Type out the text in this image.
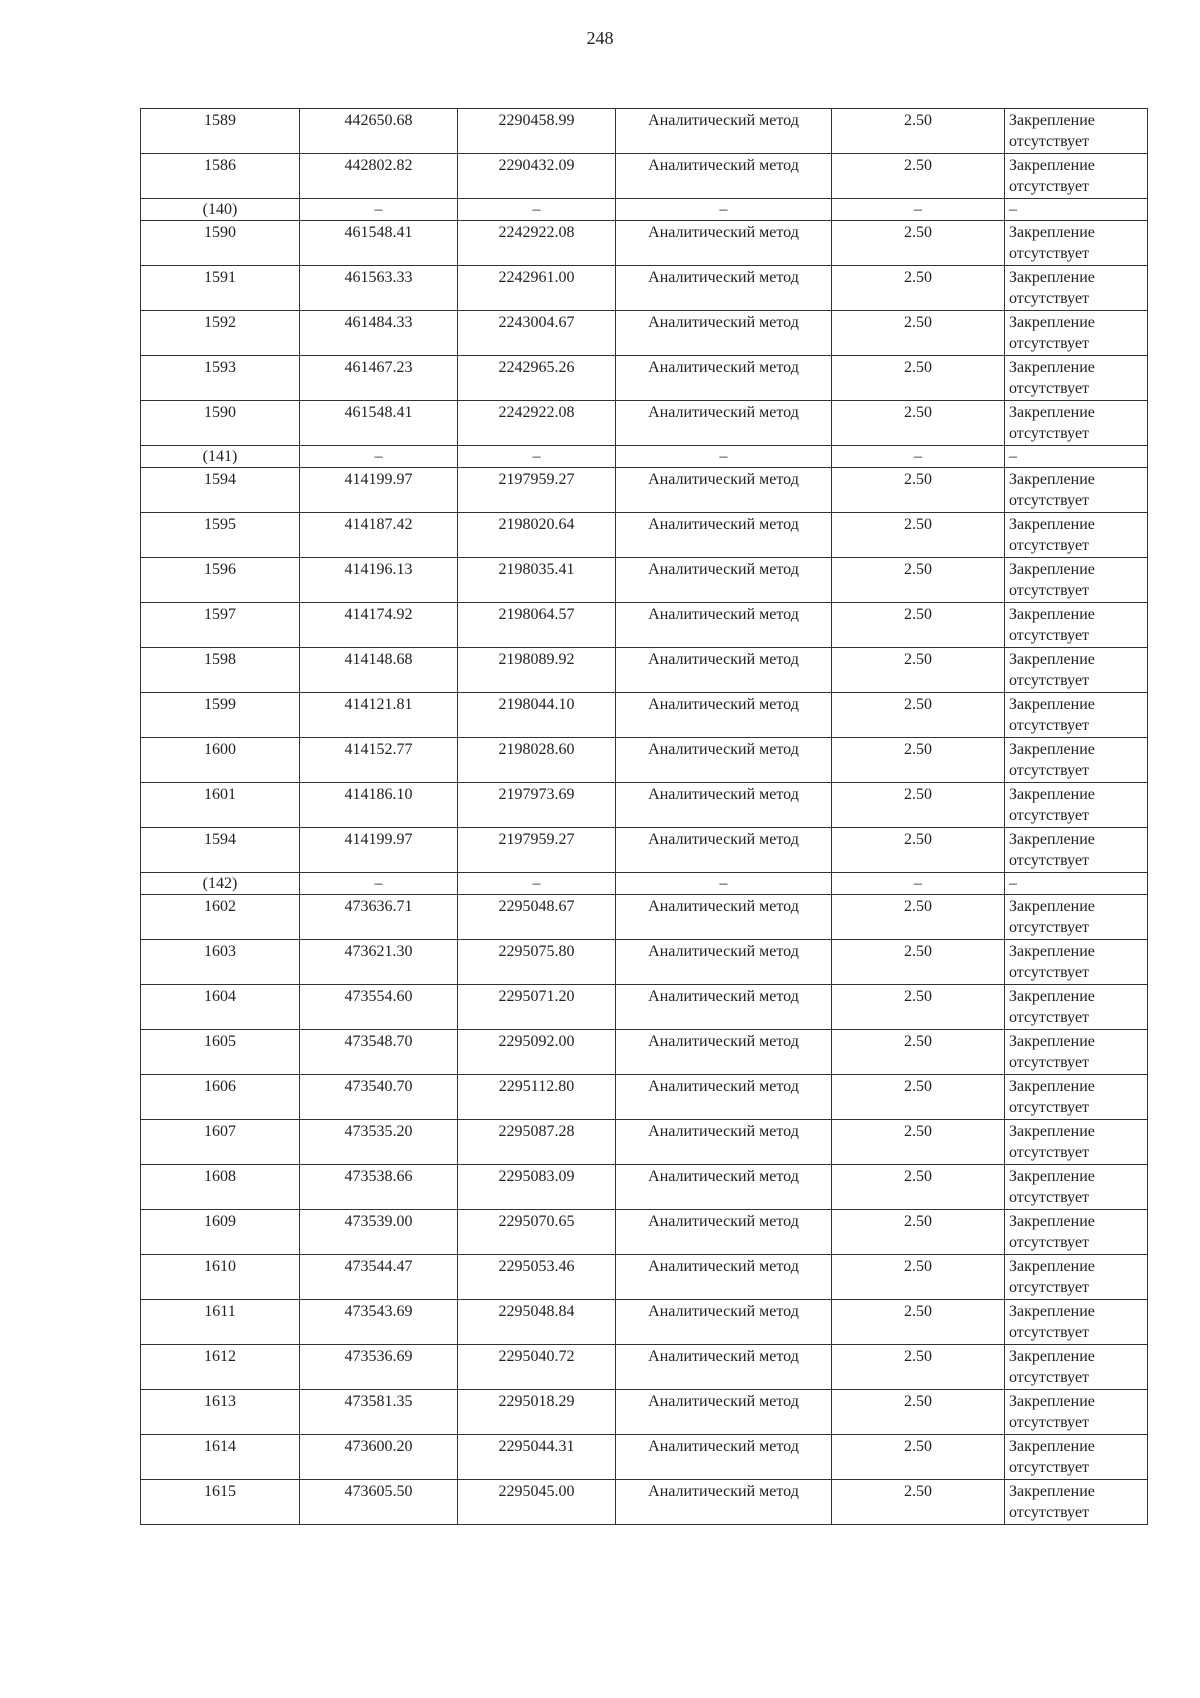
248
1589	442650.68	2290458.99	Аналитический метод	2.50	Закрепление отсутствует
1586	442802.82	2290432.09	Аналитический метод	2.50	Закрепление отсутствует
(140)	–	–	–	–	–
1590	461548.41	2242922.08	Аналитический метод	2.50	Закрепление отсутствует
1591	461563.33	2242961.00	Аналитический метод	2.50	Закрепление отсутствует
1592	461484.33	2243004.67	Аналитический метод	2.50	Закрепление отсутствует
1593	461467.23	2242965.26	Аналитический метод	2.50	Закрепление отсутствует
1590	461548.41	2242922.08	Аналитический метод	2.50	Закрепление отсутствует
(141)	–	–	–	–	–
1594	414199.97	2197959.27	Аналитический метод	2.50	Закрепление отсутствует
1595	414187.42	2198020.64	Аналитический метод	2.50	Закрепление отсутствует
1596	414196.13	2198035.41	Аналитический метод	2.50	Закрепление отсутствует
1597	414174.92	2198064.57	Аналитический метод	2.50	Закрепление отсутствует
1598	414148.68	2198089.92	Аналитический метод	2.50	Закрепление отсутствует
1599	414121.81	2198044.10	Аналитический метод	2.50	Закрепление отсутствует
1600	414152.77	2198028.60	Аналитический метод	2.50	Закрепление отсутствует
1601	414186.10	2197973.69	Аналитический метод	2.50	Закрепление отсутствует
1594	414199.97	2197959.27	Аналитический метод	2.50	Закрепление отсутствует
(142)	–	–	–	–	–
1602	473636.71	2295048.67	Аналитический метод	2.50	Закрепление отсутствует
1603	473621.30	2295075.80	Аналитический метод	2.50	Закрепление отсутствует
1604	473554.60	2295071.20	Аналитический метод	2.50	Закрепление отсутствует
1605	473548.70	2295092.00	Аналитический метод	2.50	Закрепление отсутствует
1606	473540.70	2295112.80	Аналитический метод	2.50	Закрепление отсутствует
1607	473535.20	2295087.28	Аналитический метод	2.50	Закрепление отсутствует
1608	473538.66	2295083.09	Аналитический метод	2.50	Закрепление отсутствует
1609	473539.00	2295070.65	Аналитический метод	2.50	Закрепление отсутствует
1610	473544.47	2295053.46	Аналитический метод	2.50	Закрепление отсутствует
1611	473543.69	2295048.84	Аналитический метод	2.50	Закрепление отсутствует
1612	473536.69	2295040.72	Аналитический метод	2.50	Закрепление отсутствует
1613	473581.35	2295018.29	Аналитический метод	2.50	Закрепление отсутствует
1614	473600.20	2295044.31	Аналитический метод	2.50	Закрепление отсутствует
1615	473605.50	2295045.00	Аналитический метод	2.50	Закрепление отсутствует
